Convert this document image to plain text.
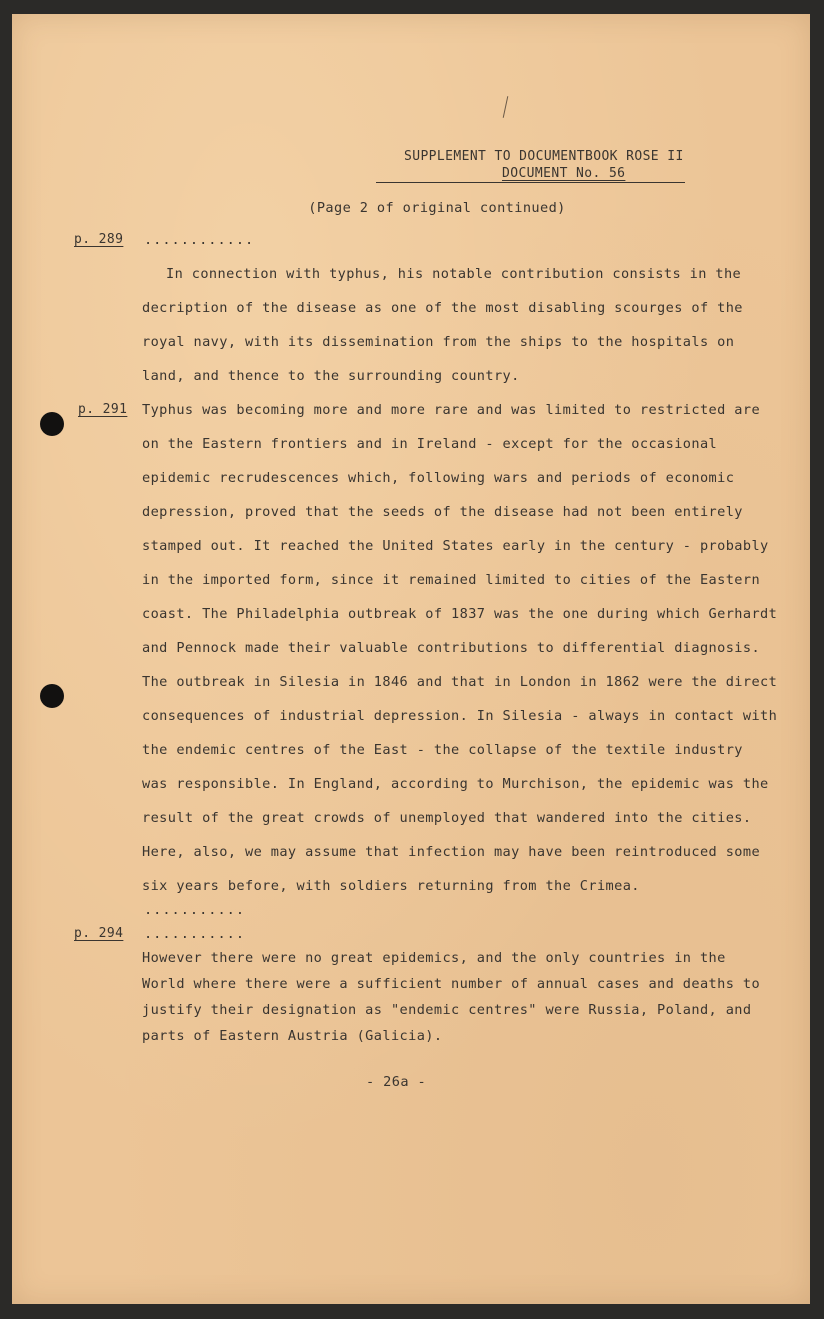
SUPPLEMENT TO DOCUMENTBOOK ROSE II
DOCUMENT No. 56
(Page 2 of original continued)
p. 289 ............
In connection with typhus, his notable contribution consists in the
decription of the disease as one of the most disabling scourges of the
royal navy, with its dissemination from the ships to the hospitals on
land, and thence to the surrounding country.
p. 291 Typhus was becoming more and more rare and was limited to restricted are
on the Eastern frontiers and in Ireland - except for the occasional
epidemic recrudescences which, following wars and periods of economic
depression, proved that the seeds of the disease had not been entirely
stamped out. It reached the United States early in the century - probably
in the imported form, since it remained limited to cities of the Eastern
coast. The Philadelphia outbreak of 1837 was the one during which Gerhardt
and Pennock made their valuable contributions to differential diagnosis.
The outbreak in Silesia in 1846 and that in London in 1862 were the direct
consequences of industrial depression. In Silesia - always in contact with
the endemic centres of the East - the collapse of the textile industry
was responsible. In England, according to Murchison, the epidemic was the
result of the great crowds of unemployed that wandered into the cities.
Here, also, we may assume that infection may have been reintroduced some
six years before, with soldiers returning from the Crimea.
...........
p. 294 ...........
However there were no great epidemics, and the only countries in the
World where there were a sufficient number of annual cases and deaths to
justify their designation as "endemic centres" were Russia, Poland, and
parts of Eastern Austria (Galicia).
- 26a -
